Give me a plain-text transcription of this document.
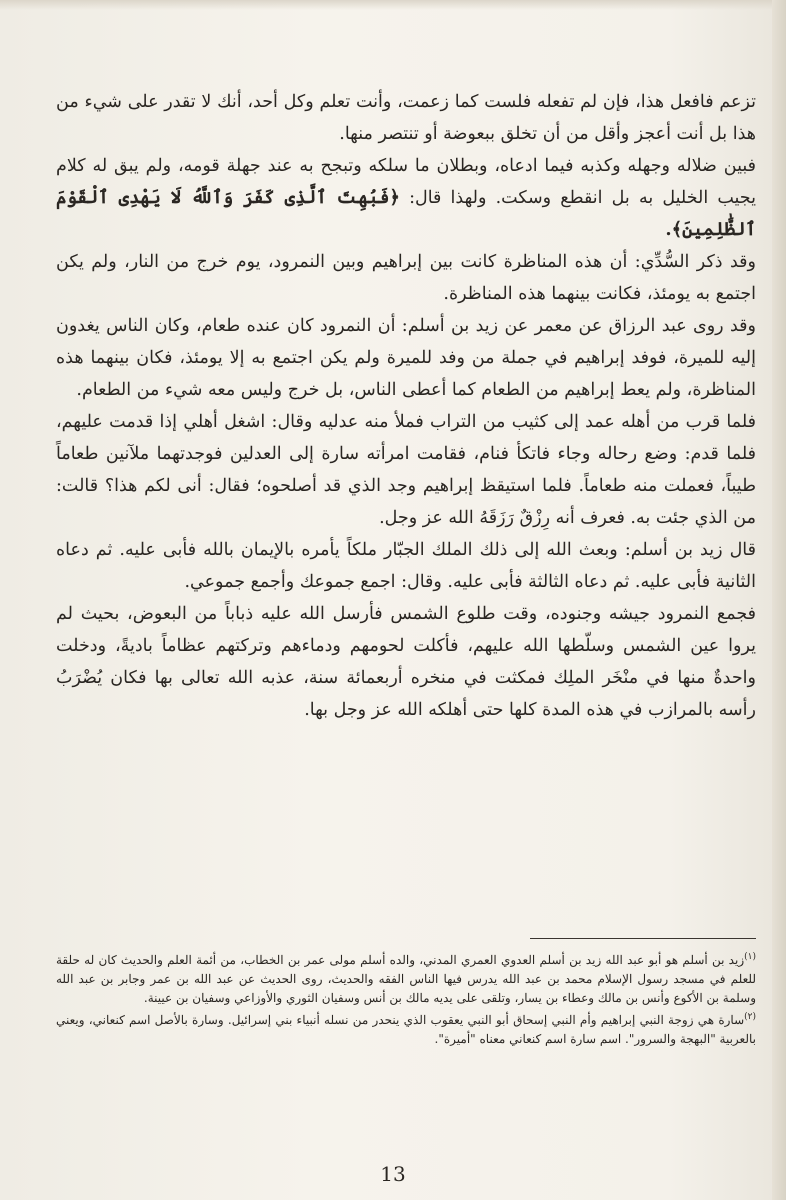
تزعم فافعل هذا، فإن لم تفعله فلست كما زعمت، وأنت تعلم وكل أحد، أنك لا تقدر على شيء من هذا بل أنت أعجز وأقل من أن تخلق ببعوضة أو تنتصر منها.

فبين ضلاله وجهله وكذبه فيما ادعاه، وبطلان ما سلكه وتبجح به عند جهلة قومه، ولم يبق له كلام يجيب الخليل به بل انقطع وسكت. ولهذا قال: ﴿فَبُهِتَ ٱلَّذِى كَفَرَ وَٱللَّهُ لَا يَهْدِى ٱلْقَوْمَ ٱلظَّٰلِمِينَ﴾.

وقد ذكر السُّدِّي: أن هذه المناظرة كانت بين إبراهيم وبين النمرود، يوم خرج من النار، ولم يكن اجتمع به يومئذ، فكانت بينهما هذه المناظرة.

وقد روى عبد الرزاق عن معمر عن زيد بن أسلم: أن النمرود كان عنده طعام، وكان الناس يغدون إليه للميرة، فوفد إبراهيم في جملة من وفد للميرة ولم يكن اجتمع به إلا يومئذ، فكان بينهما هذه المناظرة، ولم يعط إبراهيم من الطعام كما أعطى الناس، بل خرج وليس معه شيء من الطعام.

فلما قرب من أهله عمد إلى كثيب من التراب فملأ منه عدليه وقال: اشغل أهلي إذا قدمت عليهم، فلما قدم: وضع رحاله وجاء فاتكأ فنام، فقامت امرأته سارة إلى العدلين فوجدتهما ملآنين طعاماً طيباً، فعملت منه طعاماً. فلما استيقظ إبراهيم وجد الذي قد أصلحوه؛ فقال: أنى لكم هذا؟ قالت: من الذي جئت به. فعرف أنه رِزْقٌ رَزَقَهُ الله عز وجل.

قال زيد بن أسلم: وبعث الله إلى ذلك الملك الجبّار ملكاً يأمره بالإيمان بالله فأبى عليه. ثم دعاه الثانية فأبى عليه. ثم دعاه الثالثة فأبى عليه. وقال: اجمع جموعك وأجمع جموعي.

فجمع النمرود جيشه وجنوده، وقت طلوع الشمس فأرسل الله عليه ذباباً من البعوض، بحيث لم يروا عين الشمس وسلّطها الله عليهم، فأكلت لحومهم ودماءهم وتركتهم عظاماً باديةً، ودخلت واحدةٌ منها في منْخَر الملِك فمكثت في منخره أربعمائة سنة، عذبه الله تعالى بها فكان يُضْرَبُ رأسه بالمرازب في هذه المدة كلها حتى أهلكه الله عز وجل بها.

$^{(١)}$زيد بن أسلم هو أبو عبد الله زيد بن أسلم العدوي العمري المدني، والده أسلم مولى عمر بن الخطاب، من أئمة العلم والحديث كان له حلقة للعلم في مسجد رسول الإسلام محمد بن عبد الله يدرس فيها الناس الفقه والحديث، روى الحديث عن عبد الله بن عمر وجابر بن عبد الله وسلمة بن الأكوع وأنس بن مالك وعطاء بن يسار، وتلقى على يديه مالك بن أنس وسفيان الثوري والأوزاعي وسفيان بن عيينة.

$^{(٢)}$سارة هي زوجة النبي إبراهيم وأم النبي إسحاق أبو النبي يعقوب الذي ينحدر من نسله أنبياء بني إسرائيل. وسارة بالأصل اسم كنعاني، ويعني بالعربية "البهجة والسرور". اسم سارة اسم كنعاني معناه "أميرة".

13
